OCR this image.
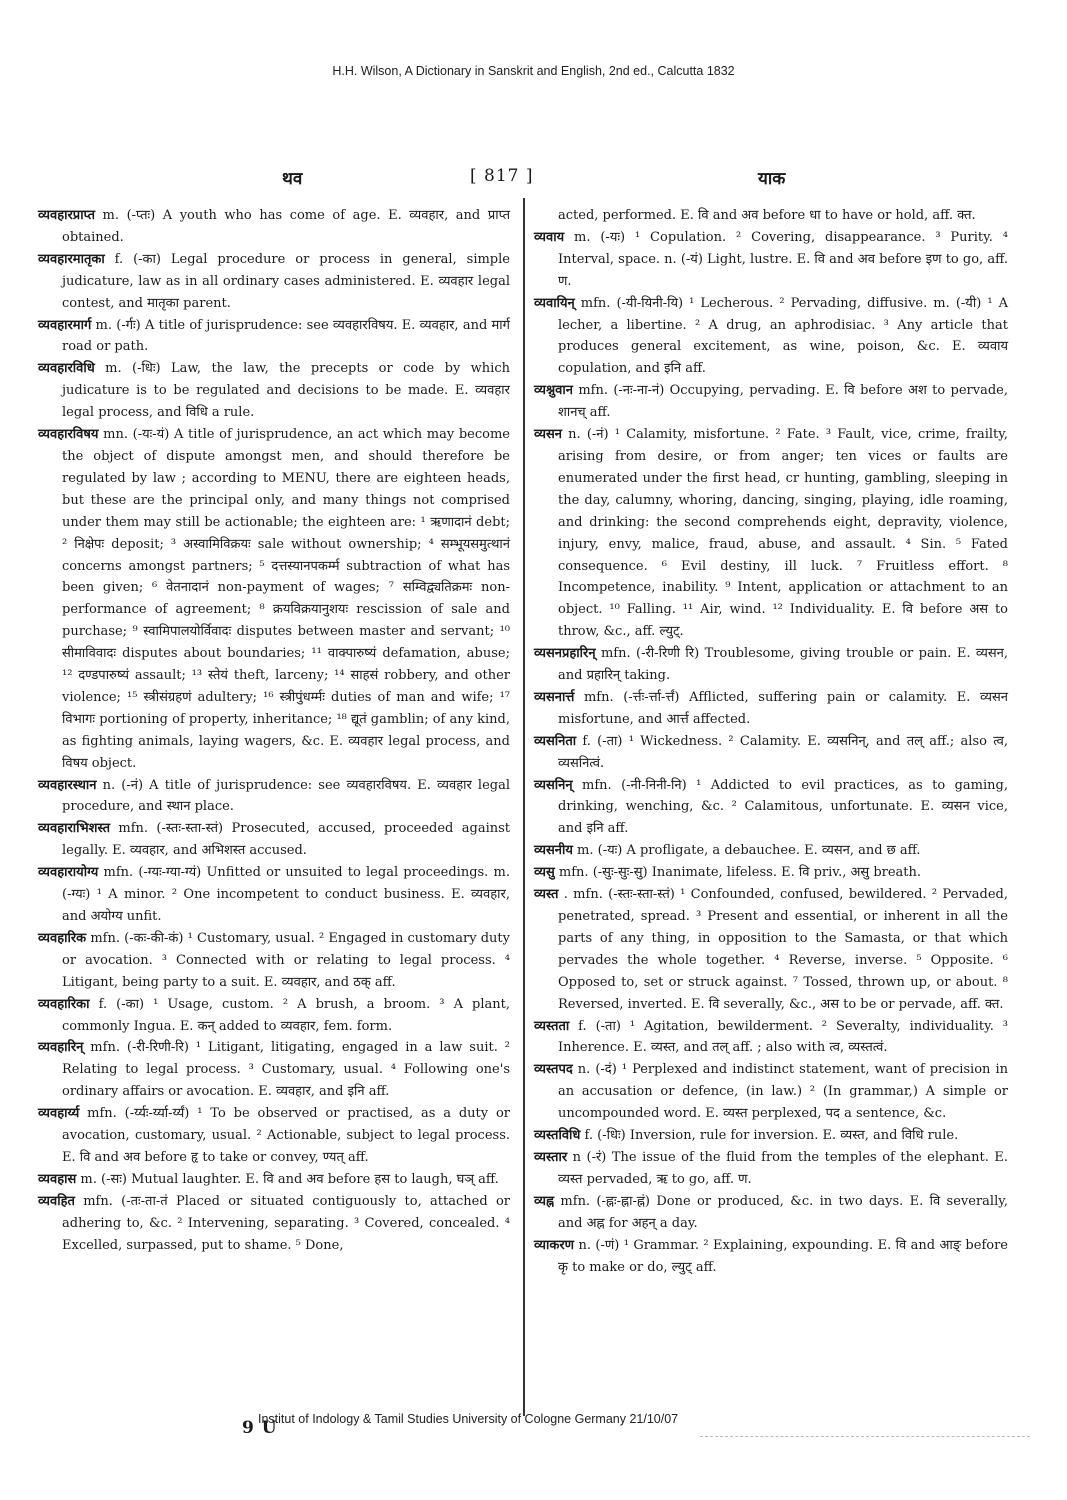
H.H. Wilson, A Dictionary in Sanskrit and English, 2nd ed., Calcutta 1832
थव	[ 817 ]	याक

व्यवहारप्राप्त m. (-प्तः) A youth who has come of age. E. व्यवहार, and प्राप्त obtained.

व्यवहारमातृका f. (-का) Legal procedure or process in general, simple judicature, law as in all ordinary cases administered. E. व्यवहार legal contest, and मातृका parent.

व्यवहारमार्ग m. (-र्गः) A title of jurisprudence: see व्यवहारविषय. E. व्यवहार, and मार्ग road or path.

व्यवहारविधि m. (-धिः) Law, the law, the precepts or code by which judicature is to be regulated and decisions to be made. E. व्यवहार legal process, and विधि a rule.

व्यवहारविषय mn. (-यः-यं) A title of jurisprudence, an act which may become the object of dispute amongst men, and should therefore be regulated by law ; according to MENU, there are eighteen heads, but these are the principal only, and many things not comprised under them may still be actionable; the eighteen are: ¹ ऋणादानं debt; ² निक्षेपः deposit; ³ अस्वामिविक्रयः sale without ownership; ⁴ सम्भूयसमुत्थानं concerns amongst partners; ⁵ दत्तस्यानपकर्म्म subtraction of what has been given; ⁶ वेतनादानं non-payment of wages; ⁷ सम्विद्व्यतिक्रमः non-performance of agreement; ⁸ क्रयविक्रयानुशयः rescission of sale and purchase; ⁹ स्वामिपालयोर्विवादः disputes between master and servant; ¹⁰ सीमाविवादः disputes about boundaries; ¹¹ वाक्पारुष्यं defamation, abuse; ¹² दण्डपारुष्यं assault; ¹³ स्तेयं theft, larceny; ¹⁴ साहसं robbery, and other violence; ¹⁵ स्त्रीसंग्रहणं adultery; ¹⁶ स्त्रीपुंधर्म्मः duties of man and wife; ¹⁷ विभागः portioning of property, inheritance; ¹⁸ द्यूतं gamblin; of any kind, as fighting animals, laying wagers, &c. E. व्यवहार legal process, and विषय object.

व्यवहारस्थान n. (-नं) A title of jurisprudence: see व्यवहारविषय. E. व्यवहार legal procedure, and स्थान place.

व्यवहाराभिशस्त mfn. (-स्तः-स्ता-स्तं) Prosecuted, accused, proceeded against legally. E. व्यवहार, and अभिशस्त accused.

व्यवहारायोग्य mfn. (-ग्यः-ग्या-ग्यं) Unfitted or unsuited to legal proceedings. m. (-ग्यः) ¹ A minor. ² One incompetent to conduct business. E. व्यवहार, and अयोग्य unfit.

व्यवहारिक mfn. (-कः-की-कं) ¹ Customary, usual. ² Engaged in customary duty or avocation. ³ Connected with or relating to legal process. ⁴ Litigant, being party to a suit. E. व्यवहार, and ठक् aff.

व्यवहारिका f. (-का) ¹ Usage, custom. ² A brush, a broom. ³ A plant, commonly Ingua. E. कन् added to व्यवहार, fem. form.

व्यवहारिन् mfn. (-री-रिणी-रि) ¹ Litigant, litigating, engaged in a law suit. ² Relating to legal process. ³ Customary, usual. ⁴ Following one's ordinary affairs or avocation. E. व्यवहार, and इनि aff.

व्यवहार्य्य mfn. (-र्य्यः-र्य्या-र्य्यं) ¹ To be observed or practised, as a duty or avocation, customary, usual. ² Actionable, subject to legal process. E. वि and अव before हृ to take or convey, ण्यत् aff.

व्यवहास m. (-सः) Mutual laughter. E. वि and अव before हस to laugh, घञ् aff.

व्यवहित mfn. (-तः-ता-तं Placed or situated contiguously to, attached or adhering to, &c. ² Intervening, separating. ³ Covered, concealed. ⁴ Excelled, surpassed, put to shame. ⁵ Done,

acted, performed. E. वि and अव before धा to have or hold, aff. क्त.

व्यवाय m. (-यः) ¹ Copulation. ² Covering, disappearance. ³ Purity. ⁴ Interval, space. n. (-यं) Light, lustre. E. वि and अव before इण to go, aff. ण.

व्यवायिन् mfn. (-यी-यिनी-यि) ¹ Lecherous. ² Pervading, diffusive. m. (-यी) ¹ A lecher, a libertine. ² A drug, an aphrodisiac. ³ Any article that produces general excitement, as wine, poison, &c. E. व्यवाय copulation, and इनि aff.

व्यश्नुवान mfn. (-नः-ना-नं) Occupying, pervading. E. वि before अश to pervade, शानच् aff.

व्यसन n. (-नं) ¹ Calamity, misfortune. ² Fate. ³ Fault, vice, crime, frailty, arising from desire, or from anger; ten vices or faults are enumerated under the first head, cr hunting, gambling, sleeping in the day, calumny, whoring, dancing, singing, playing, idle roaming, and drinking: the second comprehends eight, depravity, violence, injury, envy, malice, fraud, abuse, and assault. ⁴ Sin. ⁵ Fated consequence. ⁶ Evil destiny, ill luck. ⁷ Fruitless effort. ⁸ Incompetence, inability. ⁹ Intent, application or attachment to an object. ¹⁰ Falling. ¹¹ Air, wind. ¹² Individuality. E. वि before अस to throw, &c., aff. ल्युट्.

व्यसनप्रहारिन् mfn. (-री-रिणी रि) Troublesome, giving trouble or pain. E. व्यसन, and प्रहारिन् taking.

व्यसनार्त्त mfn. (-र्त्तः-र्त्ता-र्त्तं) Afflicted, suffering pain or calamity. E. व्यसन misfortune, and आर्त्त affected.

व्यसनिता f. (-ता) ¹ Wickedness. ² Calamity. E. व्यसनिन्, and तल् aff.; also त्व, व्यसनित्वं.

व्यसनिन् mfn. (-नी-निनी-नि) ¹ Addicted to evil practices, as to gaming, drinking, wenching, &c. ² Calamitous, unfortunate. E. व्यसन vice, and इनि aff.

व्यसनीय m. (-यः) A profligate, a debauchee. E. व्यसन, and छ aff.

व्यसु mfn. (-सुः-सुः-सु) Inanimate, lifeless. E. वि priv., असु breath.

व्यस्त . mfn. (-स्तः-स्ता-स्तं) ¹ Confounded, confused, bewildered. ² Pervaded, penetrated, spread. ³ Present and essential, or inherent in all the parts of any thing, in opposition to the Samasta, or that which pervades the whole together. ⁴ Reverse, inverse. ⁵ Opposite. ⁶ Opposed to, set or struck against. ⁷ Tossed, thrown up, or about. ⁸ Reversed, inverted. E. वि severally, &c., अस to be or pervade, aff. क्त.

व्यस्तता f. (-ता) ¹ Agitation, bewilderment. ² Severalty, individuality. ³ Inherence. E. व्यस्त, and तल् aff. ; also with त्व, व्यस्तत्वं.

व्यस्तपद n. (-दं) ¹ Perplexed and indistinct statement, want of precision in an accusation or defence, (in law.) ² (In grammar,) A simple or uncompounded word. E. व्यस्त perplexed, पद a sentence, &c.

व्यस्तविधि f. (-धिः) Inversion, rule for inversion. E. व्यस्त, and विधि rule.

व्यस्तार n (-रं) The issue of the fluid from the temples of the elephant. E. व्यस्त pervaded, ऋ to go, aff. ण.

व्यह्न mfn. (-ह्नः-ह्ना-ह्नं) Done or produced, &c. in two days. E. वि severally, and अह्न for अहन् a day.

व्याकरण n. (-णं) ¹ Grammar. ² Explaining, expounding. E. वि and आङ् before कृ to make or do, ल्युट् aff.

9 U
Institut of Indology & Tamil Studies University of Cologne Germany 21/10/07
